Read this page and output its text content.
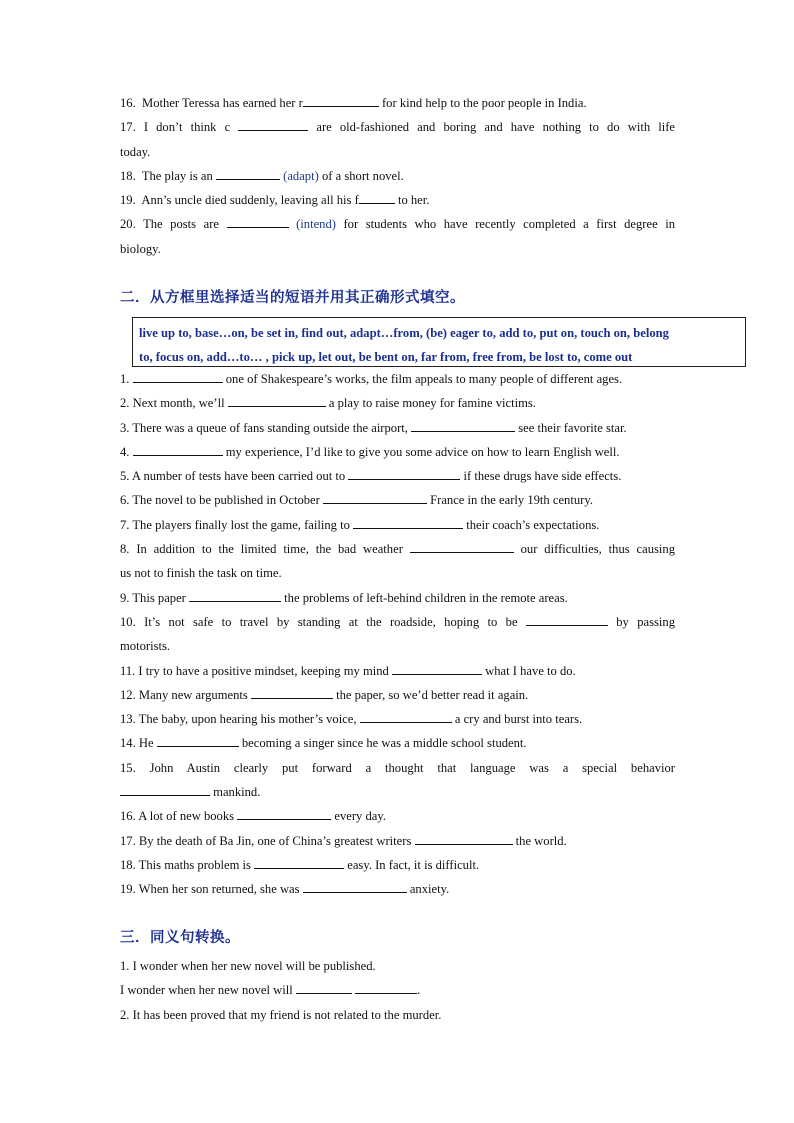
16.  Mother Teressa has earned her r	for kind help to the poor people in India.
17. I don’t think c	are old-fashioned and boring and have nothing to do with life
today.
18.  The play is an	(adapt) of a short novel.
19.  Ann’s uncle died suddenly, leaving all his f	to her.
20. The posts are	(intend) for students who have recently completed a first degree in
biology.
二．从方框里选择适当的短语并用其正确形式填空。
live up to, base…on, be set in, find out, adapt…from, (be) eager to, add to, put on, touch on, belong
to, focus on, add…to… , pick up, let out, be bent on, far from, free from, be lost to, come out
1.	one of Shakespeare’s works, the film appeals to many people of different ages.
2. Next month, we’ll	a play to raise money for famine victims.
3. There was a queue of fans standing outside the airport,	see their favorite star.
4.	my experience, I’d like to give you some advice on how to learn English well.
5. A number of tests have been carried out to	if these drugs have side effects.
6. The novel to be published in October	France in the early 19th century.
7. The players finally lost the game, failing to	their coach’s expectations.
8. In addition to the limited time, the bad weather	our difficulties, thus causing
us not to finish the task on time.
9. This paper	the problems of left-behind children in the remote areas.
10. It’s not safe to travel by standing at the roadside, hoping to be	by passing
motorists.
11. I try to have a positive mindset, keeping my mind	what I have to do.
12. Many new arguments	the paper, so we’d better read it again.
13. The baby, upon hearing his mother’s voice,	a cry and burst into tears.
14. He	becoming a singer since he was a middle school student.
15. John Austin clearly put forward a thought that language was a special behavior
mankind.
16. A lot of new books	every day.
17. By the death of Ba Jin, one of China’s greatest writers	the world.
18. This maths problem is	easy. In fact, it is difficult.
19. When her son returned, she was	anxiety.
三．同义句转换。
1. I wonder when her new novel will be published.
I wonder when her new novel will	.
2. It has been proved that my friend is not related to the murder.
